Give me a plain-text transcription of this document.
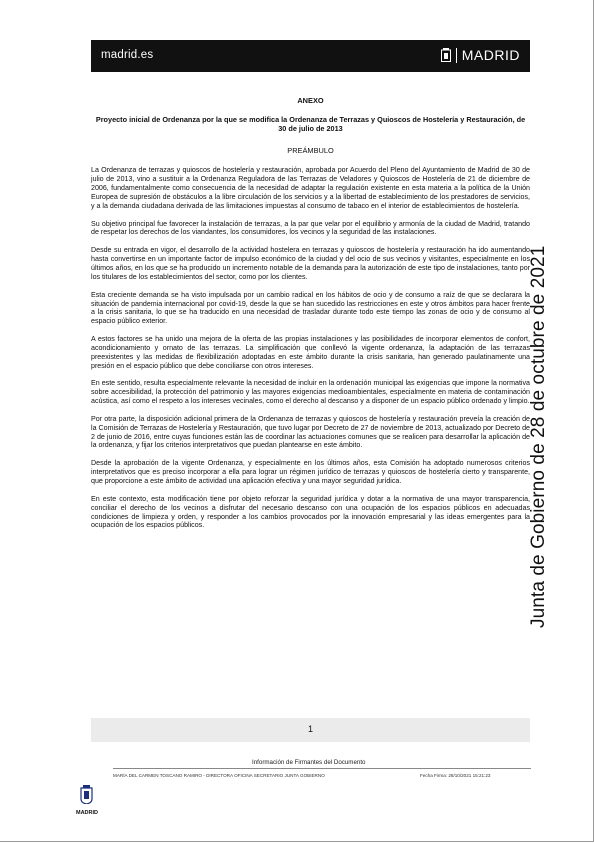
madrid.es	MADRID
ANEXO
Proyecto inicial de Ordenanza por la que se modifica la Ordenanza de Terrazas y Quioscos de Hostelería y Restauración, de 30 de julio de 2013
PREÁMBULO

La Ordenanza de terrazas y quioscos de hostelería y restauración, aprobada por Acuerdo del Pleno del Ayuntamiento de Madrid de 30 de julio de 2013, vino a sustituir a la Ordenanza Reguladora de las Terrazas de Veladores y Quioscos de Hostelería de 21 de diciembre de 2006, fundamentalmente como consecuencia de la necesidad de adaptar la regulación existente en esta materia a la política de la Unión Europea de supresión de obstáculos a la libre circulación de los servicios y a la libertad de establecimiento de los prestadores de servicios, y a la demanda ciudadana derivada de las limitaciones impuestas al consumo de tabaco en el interior de establecimientos de hostelería.

Su objetivo principal fue favorecer la instalación de terrazas, a la par que velar por el equilibrio y armonía de la ciudad de Madrid, tratando de respetar los derechos de los viandantes, los consumidores, los vecinos y la seguridad de las instalaciones.

Desde su entrada en vigor, el desarrollo de la actividad hostelera en terrazas y quioscos de hostelería y restauración ha ido aumentando hasta convertirse en un importante factor de impulso económico de la ciudad y del ocio de sus vecinos y visitantes, especialmente en los últimos años, en los que se ha producido un incremento notable de la demanda para la autorización de este tipo de instalaciones, tanto por los titulares de los establecimientos del sector, como por los clientes.

Esta creciente demanda se ha visto impulsada por un cambio radical en los hábitos de ocio y de consumo a raíz de que se declarara la situación de pandemia internacional por covid-19, desde la que se han sucedido las restricciones en este y otros ámbitos para hacer frente a la crisis sanitaria, lo que se ha traducido en una necesidad de trasladar durante todo este tiempo las zonas de ocio y de consumo al espacio público exterior.

A estos factores se ha unido una mejora de la oferta de las propias instalaciones y las posibilidades de incorporar elementos de confort, acondicionamiento y ornato de las terrazas. La simplificación que conllevó la vigente ordenanza, la adaptación de las terrazas preexistentes y las medidas de flexibilización adoptadas en este ámbito durante la crisis sanitaria, han generado paulatinamente una presión en el espacio público que debe conciliarse con otros intereses.

En este sentido, resulta especialmente relevante la necesidad de incluir en la ordenación municipal las exigencias que impone la normativa sobre accesibilidad, la protección del patrimonio y las mayores exigencias medioambientales, especialmente en materia de contaminación acústica, así como el respeto a los intereses vecinales, como el derecho al descanso y a disponer de un espacio público ordenado y limpio.

Por otra parte, la disposición adicional primera de la Ordenanza de terrazas y quioscos de hostelería y restauración preveía la creación de la Comisión de Terrazas de Hostelería y Restauración, que tuvo lugar por Decreto de 27 de noviembre de 2013, actualizado por Decreto de 2 de junio de 2016, entre cuyas funciones están las de coordinar las actuaciones comunes que se realicen para desarrollar la aplicación de la ordenanza, y fijar los criterios interpretativos que puedan plantearse en este ámbito.

Desde la aprobación de la vigente Ordenanza, y especialmente en los últimos años, esta Comisión ha adoptado numerosos criterios interpretativos que es preciso incorporar a ella para lograr un régimen jurídico de terrazas y quioscos de hostelería cierto y transparente, que proporcione a este ámbito de actividad una aplicación efectiva y una mayor seguridad jurídica.

En este contexto, esta modificación tiene por objeto reforzar la seguridad jurídica y dotar a la normativa de una mayor transparencia, conciliar el derecho de los vecinos a disfrutar del necesario descanso con una ocupación de los espacios públicos en adecuadas condiciones de limpieza y orden, y responder a los cambios provocados por la innovación empresarial y las ideas emergentes para la ocupación de los espacios públicos.	Junta de Gobierno de 28 de octubre de 2021
1
Información de Firmantes del Documento
MARÍA DEL CARMEN TOSCANO RAMIRO - DIRECTORA OFICINA SECRETARIO JUNTA GOBIERNO	Fecha Firma: 28/10/2021 15:21:23
MADRID
